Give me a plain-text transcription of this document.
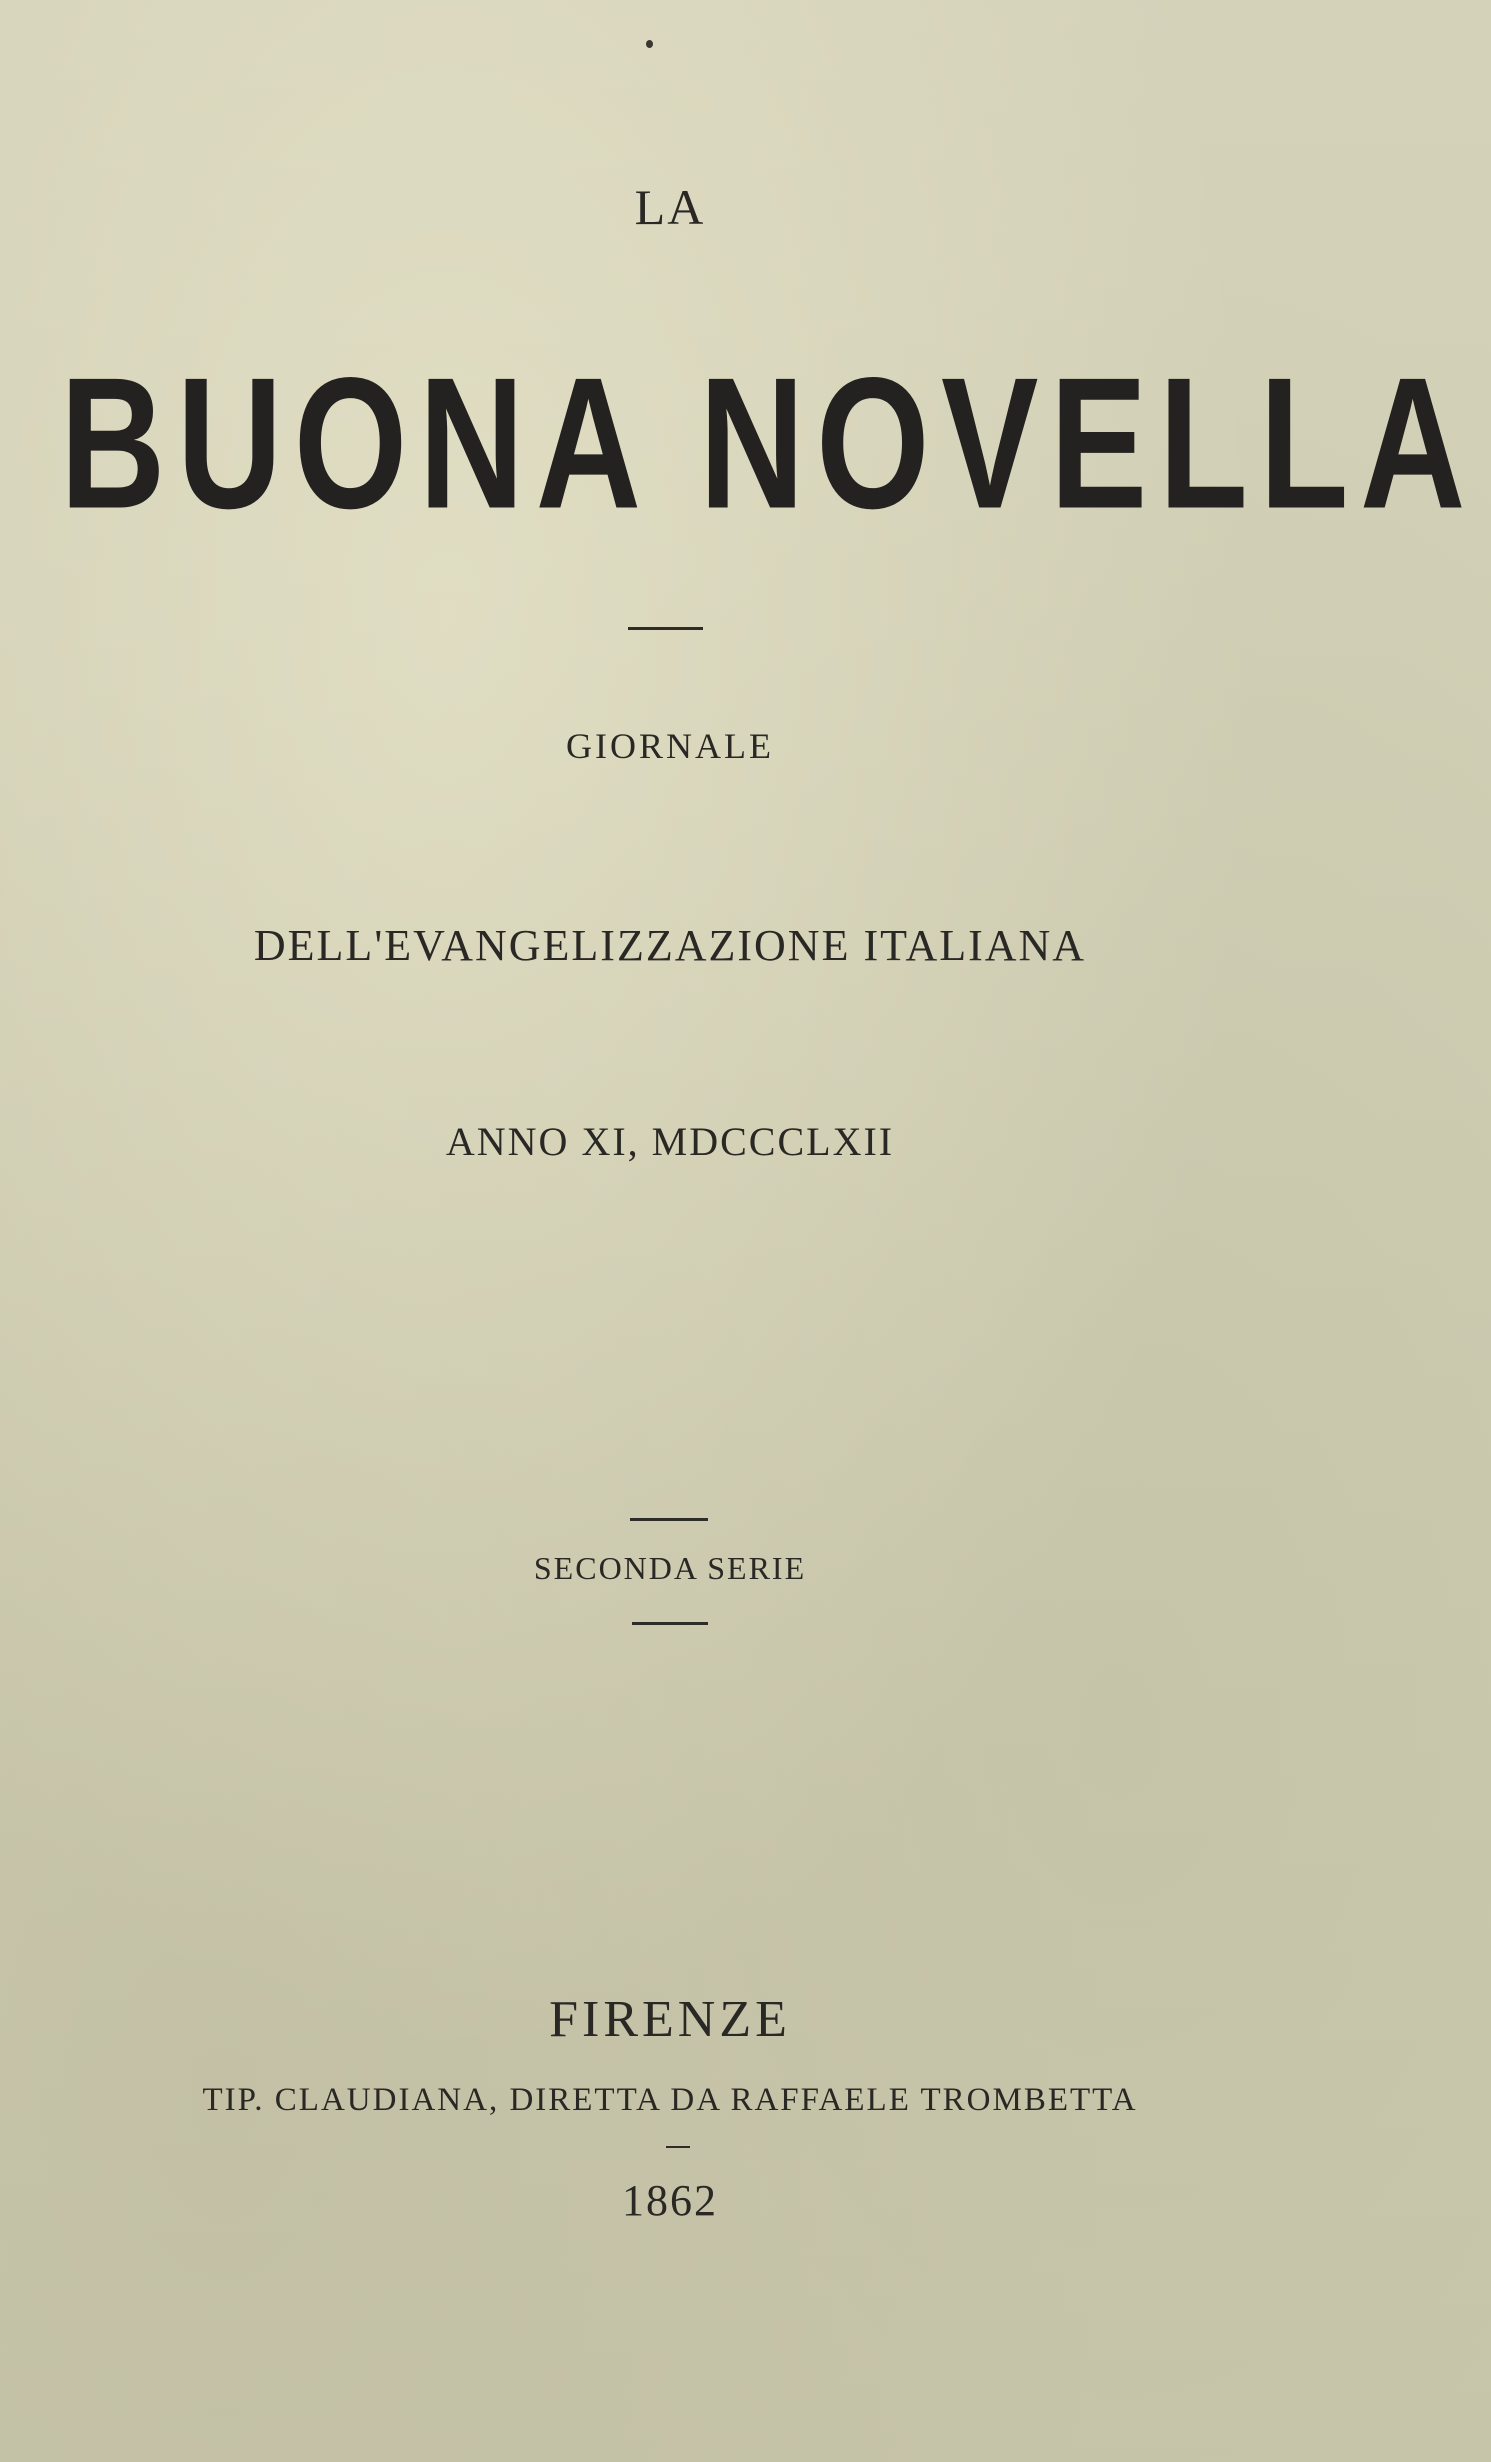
LA
BUONA NOVELLA
GIORNALE
DELL'EVANGELIZZAZIONE ITALIANA
ANNO XI, MDCCCLXII
SECONDA SERIE
FIRENZE
TIP. CLAUDIANA, DIRETTA DA RAFFAELE TROMBETTA
1862
